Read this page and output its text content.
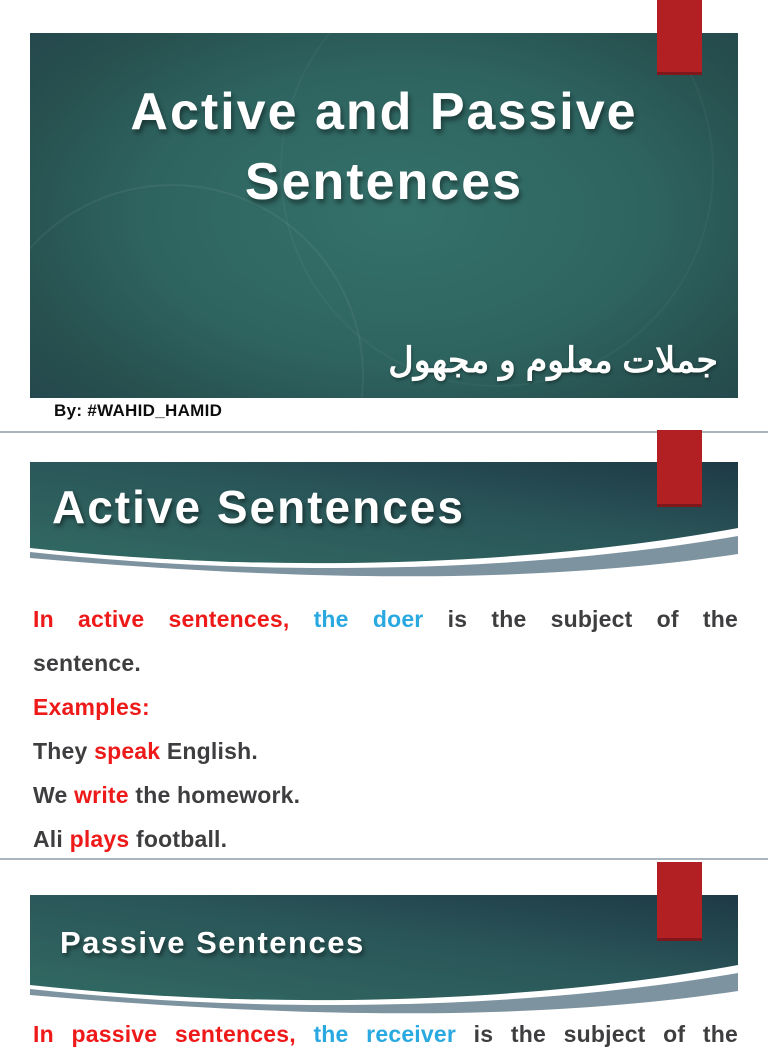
Active and Passive
Sentences
جملات معلوم و مجهول
By: #WAHID_HAMID
Active Sentences
In active sentences, the doer is the subject of the
sentence.
Examples:
They speak English.
We write the homework.
Ali plays football.
Passive Sentences
In passive sentences, the receiver is the subject of the
